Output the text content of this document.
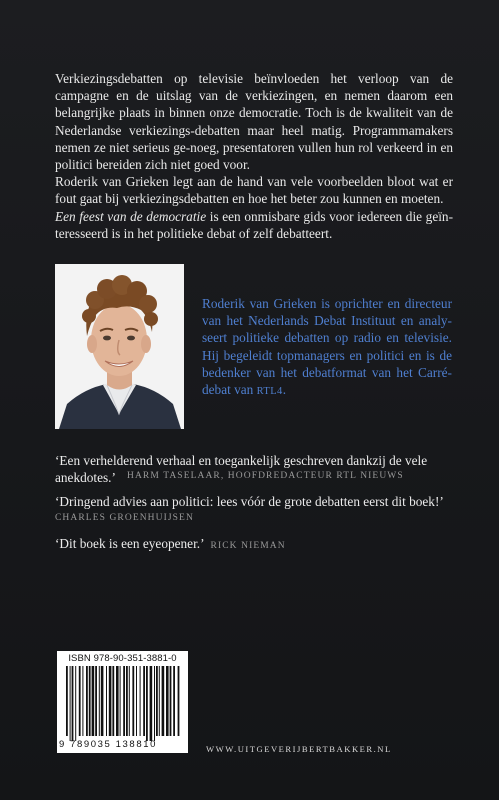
Verkiezingsdebatten op televisie beïnvloeden het verloop van de campagne en de uitslag van de verkiezingen, en nemen daarom een belangrijke plaats in binnen onze democratie. Toch is de kwaliteit van de Nederlandse verkiezings-debatten maar heel matig. Programmamakers nemen ze niet serieus ge-noeg, presentatoren vullen hun rol verkeerd in en politici bereiden zich niet goed voor.

Roderik van Grieken legt aan de hand van vele voorbeelden bloot wat er fout gaat bij verkiezingsdebatten en hoe het beter zou kunnen en moeten.

Een feest van de democratie is een onmisbare gids voor iedereen die geïn-teresseerd is in het politieke debat of zelf debatteert.

Roderik van Grieken is oprichter en directeur van het Nederlands Debat Instituut en analy-seert politieke debatten op radio en televisie. Hij begeleidt topmanagers en politici en is de bedenker van het debatformat van het Carré-debat van RTL4.
‘Een verhelderend verhaal en toegankelijk geschreven dankzij de vele anekdotes.’	HARM TASELAAR, HOOFDREDACTEUR RTL NIEUWS
‘Dringend advies aan politici: lees vóór de grote debatten eerst dit boek!’
CHARLES GROENHUIJSEN
‘Dit boek is een eyeopener.’ RICK NIEMAN
ISBN 978-90-351-3881-0
9 789035 138810	WWW.UITGEVERIJBERTBAKKER.NL
